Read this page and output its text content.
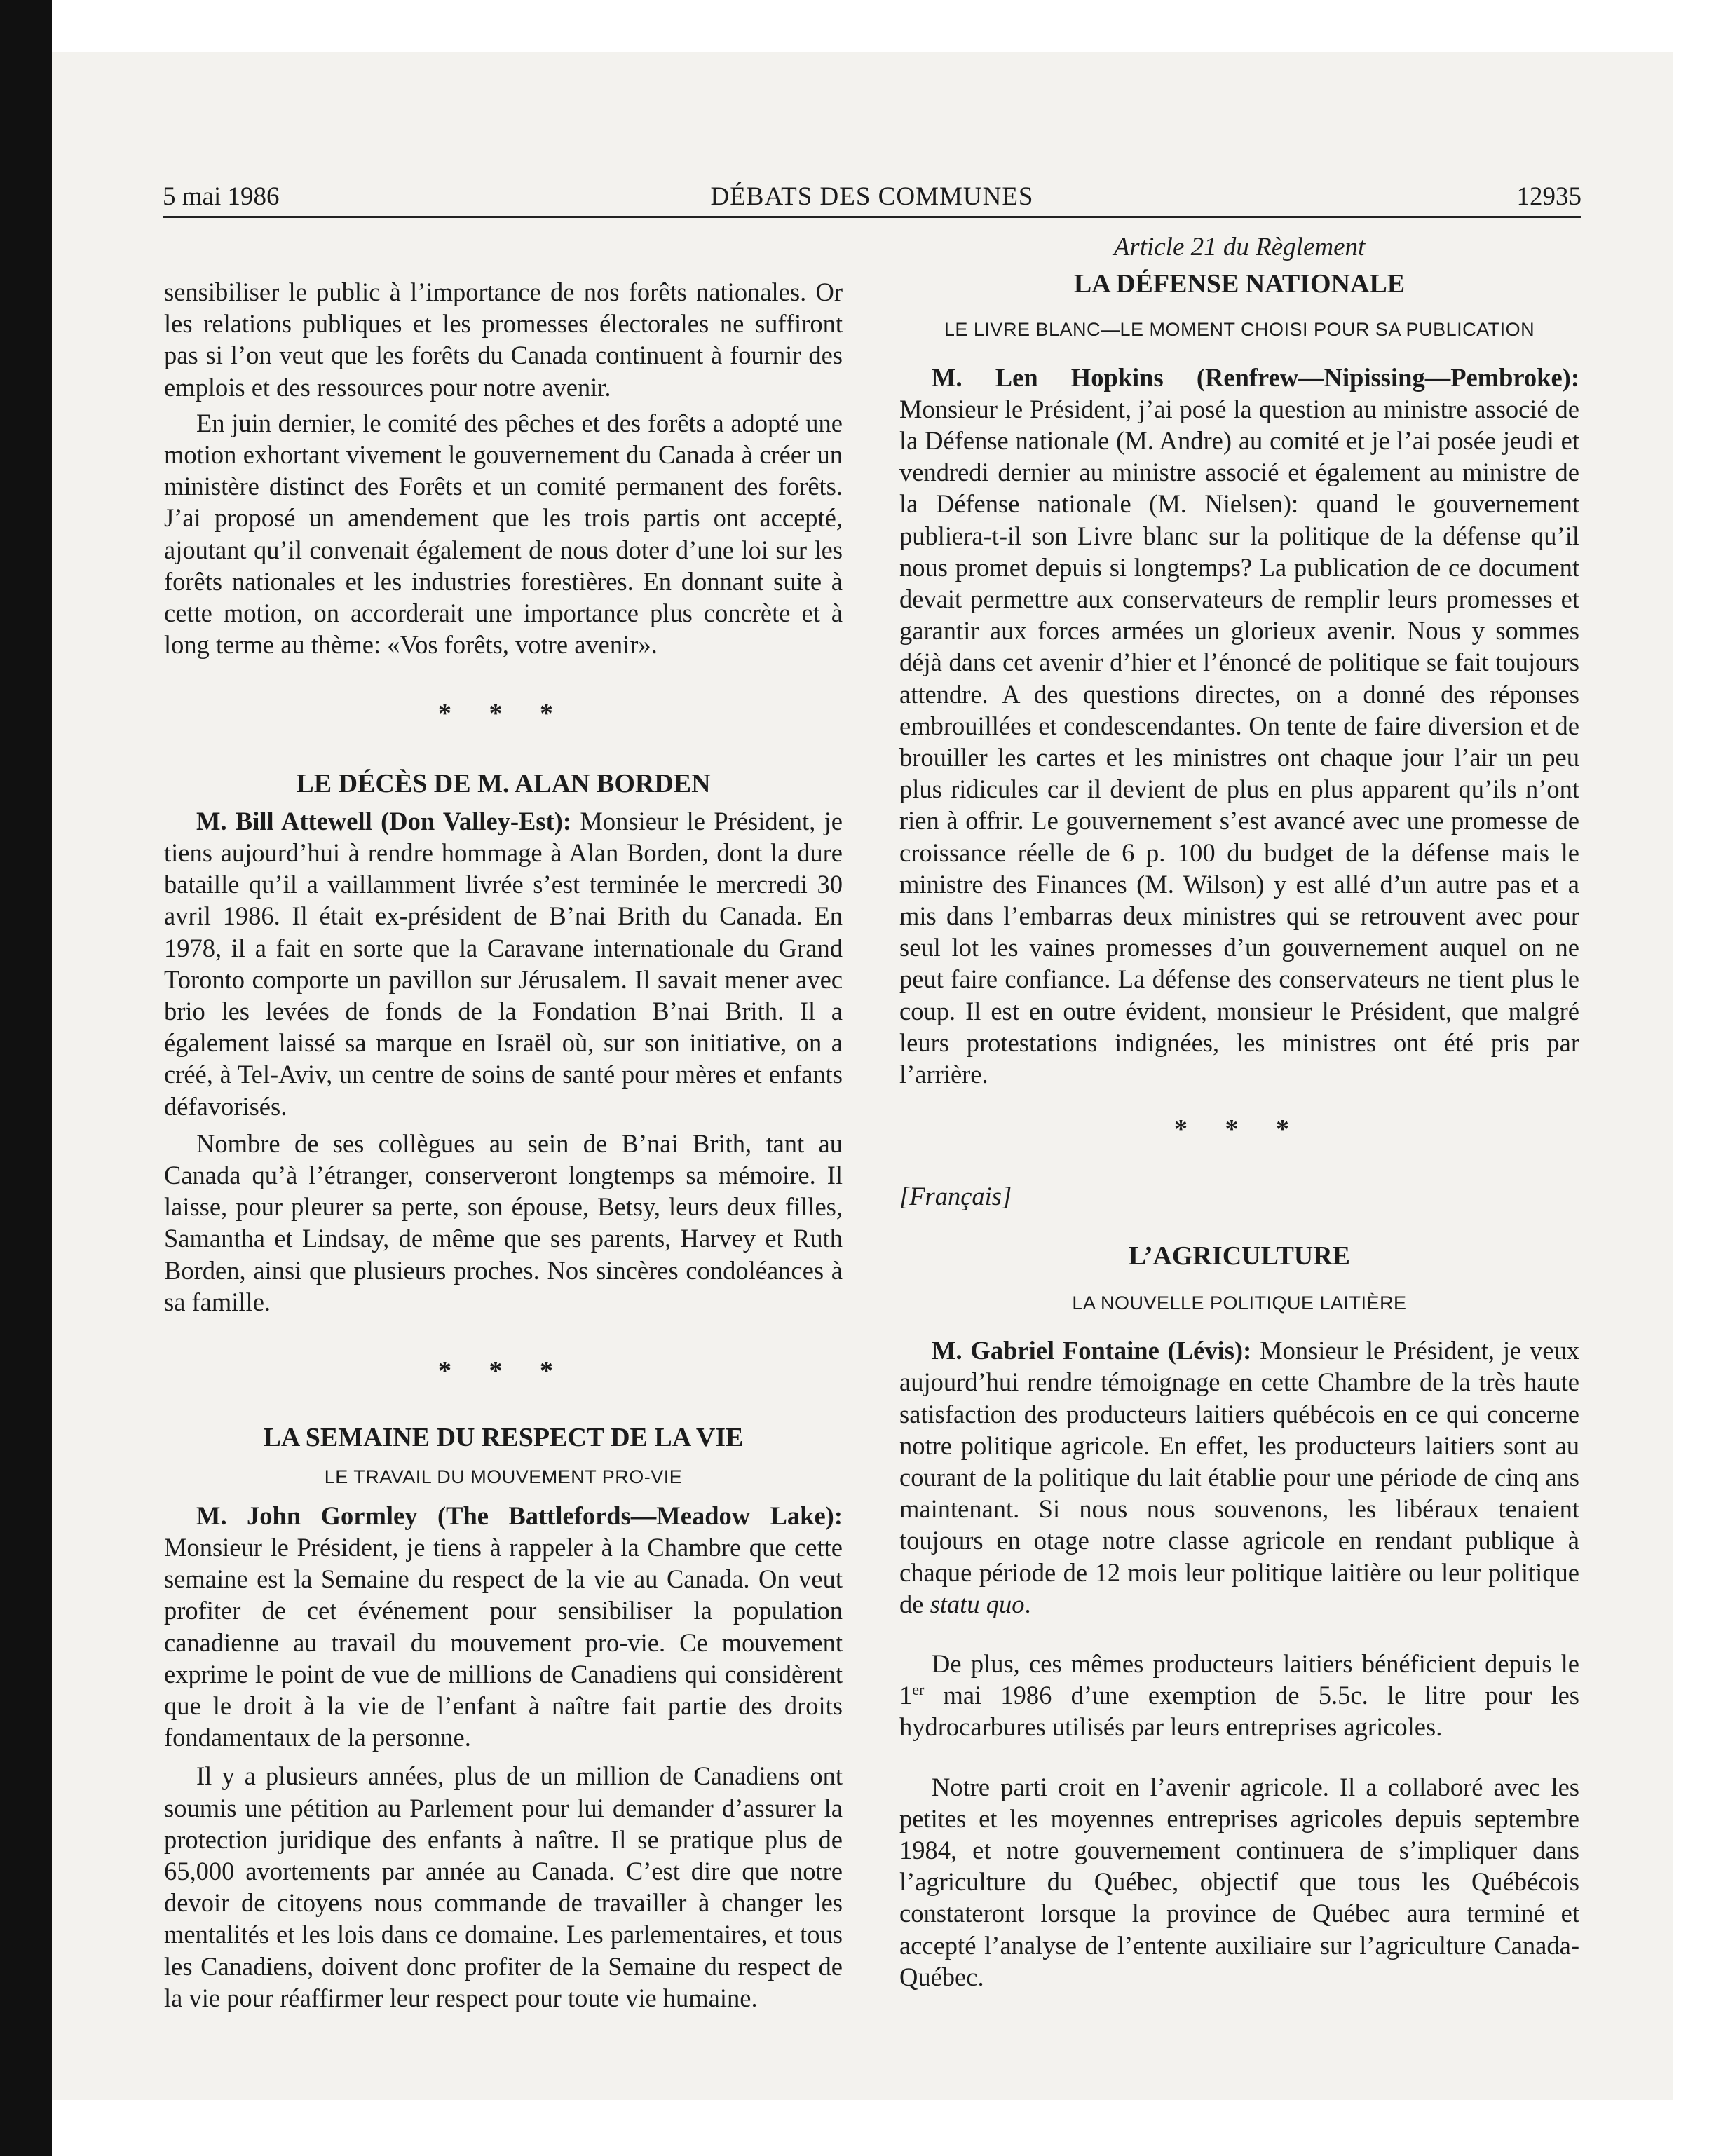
5 mai 1986	DÉBATS DES COMMUNES	12935

sensibiliser le public à l’importance de nos forêts nationales. Or les relations publiques et les promesses électorales ne suffiront pas si l’on veut que les forêts du Canada continuent à fournir des emplois et des ressources pour notre avenir.

En juin dernier, le comité des pêches et des forêts a adopté une motion exhortant vivement le gouvernement du Canada à créer un ministère distinct des Forêts et un comité permanent des forêts. J’ai proposé un amendement que les trois partis ont accepté, ajoutant qu’il convenait également de nous doter d’une loi sur les forêts nationales et les industries forestières. En donnant suite à cette motion, on accorderait une importance plus concrète et à long terme au thème: «Vos forêts, votre avenir».

* * *

LE DÉCÈS DE M. ALAN BORDEN

M. Bill Attewell (Don Valley-Est): Monsieur le Président, je tiens aujourd’hui à rendre hommage à Alan Borden, dont la dure bataille qu’il a vaillamment livrée s’est terminée le mercredi 30 avril 1986. Il était ex-président de B’nai Brith du Canada. En 1978, il a fait en sorte que la Caravane internationale du Grand Toronto comporte un pavillon sur Jérusalem. Il savait mener avec brio les levées de fonds de la Fondation B’nai Brith. Il a également laissé sa marque en Israël où, sur son initiative, on a créé, à Tel-Aviv, un centre de soins de santé pour mères et enfants défavorisés.

Nombre de ses collègues au sein de B’nai Brith, tant au Canada qu’à l’étranger, conserveront longtemps sa mémoire. Il laisse, pour pleurer sa perte, son épouse, Betsy, leurs deux filles, Samantha et Lindsay, de même que ses parents, Harvey et Ruth Borden, ainsi que plusieurs proches. Nos sincères condoléances à sa famille.

* * *

LA SEMAINE DU RESPECT DE LA VIE

LE TRAVAIL DU MOUVEMENT PRO-VIE

M. John Gormley (The Battlefords—Meadow Lake): Monsieur le Président, je tiens à rappeler à la Chambre que cette semaine est la Semaine du respect de la vie au Canada. On veut profiter de cet événement pour sensibiliser la population canadienne au travail du mouvement pro-vie. Ce mouvement exprime le point de vue de millions de Canadiens qui considèrent que le droit à la vie de l’enfant à naître fait partie des droits fondamentaux de la personne.

Il y a plusieurs années, plus de un million de Canadiens ont soumis une pétition au Parlement pour lui demander d’assurer la protection juridique des enfants à naître. Il se pratique plus de 65,000 avortements par année au Canada. C’est dire que notre devoir de citoyens nous commande de travailler à changer les mentalités et les lois dans ce domaine. Les parlementaires, et tous les Canadiens, doivent donc profiter de la Semaine du respect de la vie pour réaffirmer leur respect pour toute vie humaine.

Article 21 du Règlement

LA DÉFENSE NATIONALE

LE LIVRE BLANC—LE MOMENT CHOISI POUR SA PUBLICATION

M. Len Hopkins (Renfrew—Nipissing—Pembroke): Monsieur le Président, j’ai posé la question au ministre associé de la Défense nationale (M. Andre) au comité et je l’ai posée jeudi et vendredi dernier au ministre associé et également au ministre de la Défense nationale (M. Nielsen): quand le gouvernement publiera-t-il son Livre blanc sur la politique de la défense qu’il nous promet depuis si longtemps? La publication de ce document devait permettre aux conservateurs de remplir leurs promesses et garantir aux forces armées un glorieux avenir. Nous y sommes déjà dans cet avenir d’hier et l’énoncé de politique se fait toujours attendre. A des questions directes, on a donné des réponses embrouillées et condescendantes. On tente de faire diversion et de brouiller les cartes et les ministres ont chaque jour l’air un peu plus ridicules car il devient de plus en plus apparent qu’ils n’ont rien à offrir. Le gouvernement s’est avancé avec une promesse de croissance réelle de 6 p. 100 du budget de la défense mais le ministre des Finances (M. Wilson) y est allé d’un autre pas et a mis dans l’embarras deux ministres qui se retrouvent avec pour seul lot les vaines promesses d’un gouvernement auquel on ne peut faire confiance. La défense des conservateurs ne tient plus le coup. Il est en outre évident, monsieur le Président, que malgré leurs protestations indignées, les ministres ont été pris par l’arrière.

* * *

[Français]

L’AGRICULTURE

LA NOUVELLE POLITIQUE LAITIÈRE

M. Gabriel Fontaine (Lévis): Monsieur le Président, je veux aujourd’hui rendre témoignage en cette Chambre de la très haute satisfaction des producteurs laitiers québécois en ce qui concerne notre politique agricole. En effet, les producteurs laitiers sont au courant de la politique du lait établie pour une période de cinq ans maintenant. Si nous nous souvenons, les libéraux tenaient toujours en otage notre classe agricole en rendant publique à chaque période de 12 mois leur politique laitière ou leur politique de statu quo.

De plus, ces mêmes producteurs laitiers bénéficient depuis le 1er mai 1986 d’une exemption de 5.5c. le litre pour les hydrocarbures utilisés par leurs entreprises agricoles.

Notre parti croit en l’avenir agricole. Il a collaboré avec les petites et les moyennes entreprises agricoles depuis septembre 1984, et notre gouvernement continuera de s’impliquer dans l’agriculture du Québec, objectif que tous les Québécois constateront lorsque la province de Québec aura terminé et accepté l’analyse de l’entente auxiliaire sur l’agriculture Canada-Québec.
